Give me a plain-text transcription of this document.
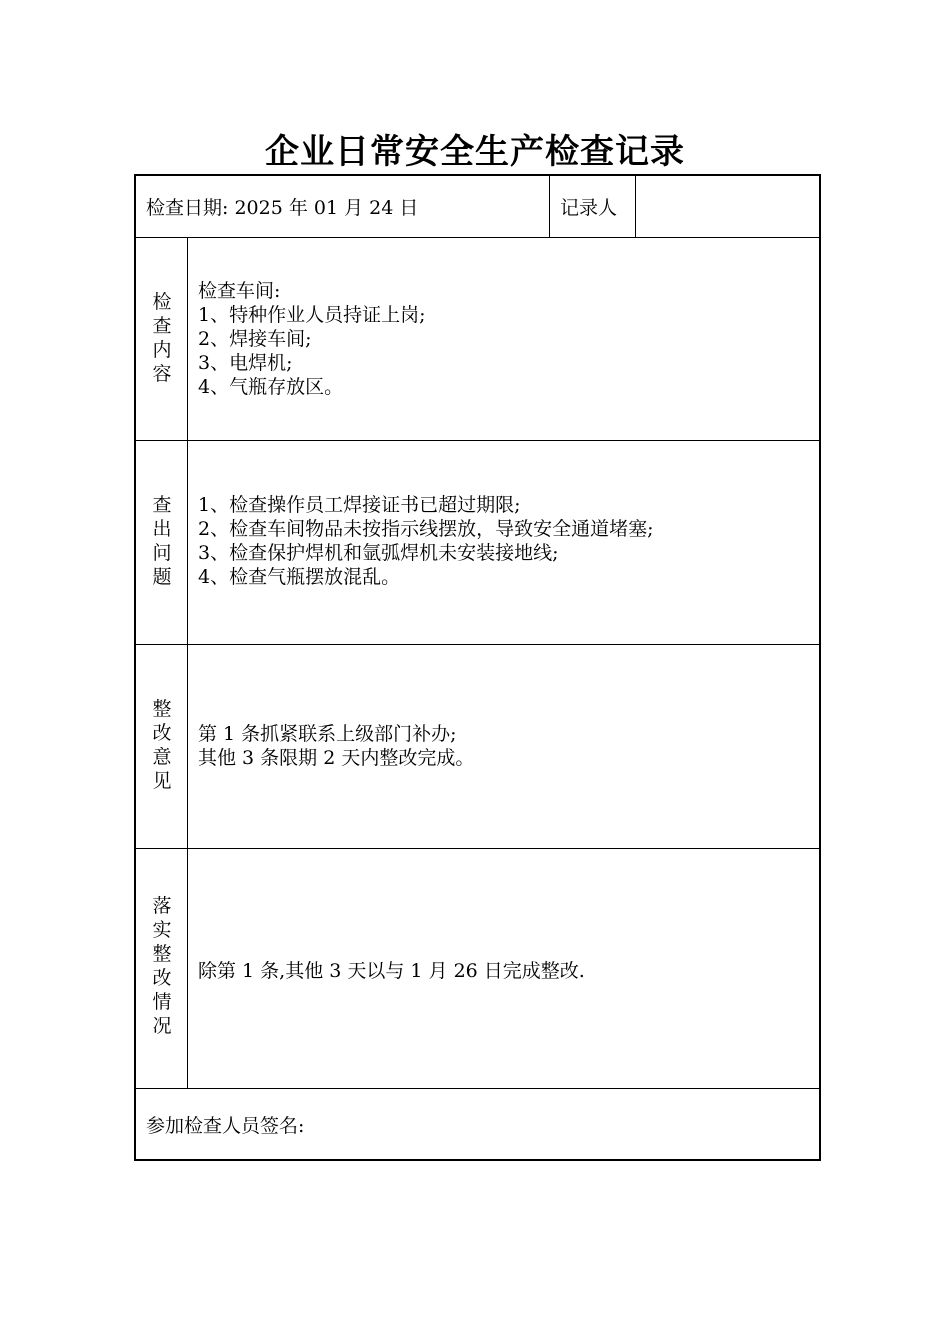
企业日常安全生产检查记录
检查日期: 2025 年 01 月 24 日	记录人
检
查
内
容
检查车间:
1、特种作业人员持证上岗;
2、焊接车间;
3、电焊机;
4、气瓶存放区。
查
出
问
题
1、检查操作员工焊接证书已超过期限;
2、检查车间物品未按指示线摆放，导致安全通道堵塞;
3、检查保护焊机和氩弧焊机未安装接地线;
4、检查气瓶摆放混乱。
整
改
意
见
第 1 条抓紧联系上级部门补办;
其他 3 条限期 2 天内整改完成。
落
实
整
改
情
况
除第 1 条,其他 3 天以与 1 月 26 日完成整改.
参加检查人员签名:
